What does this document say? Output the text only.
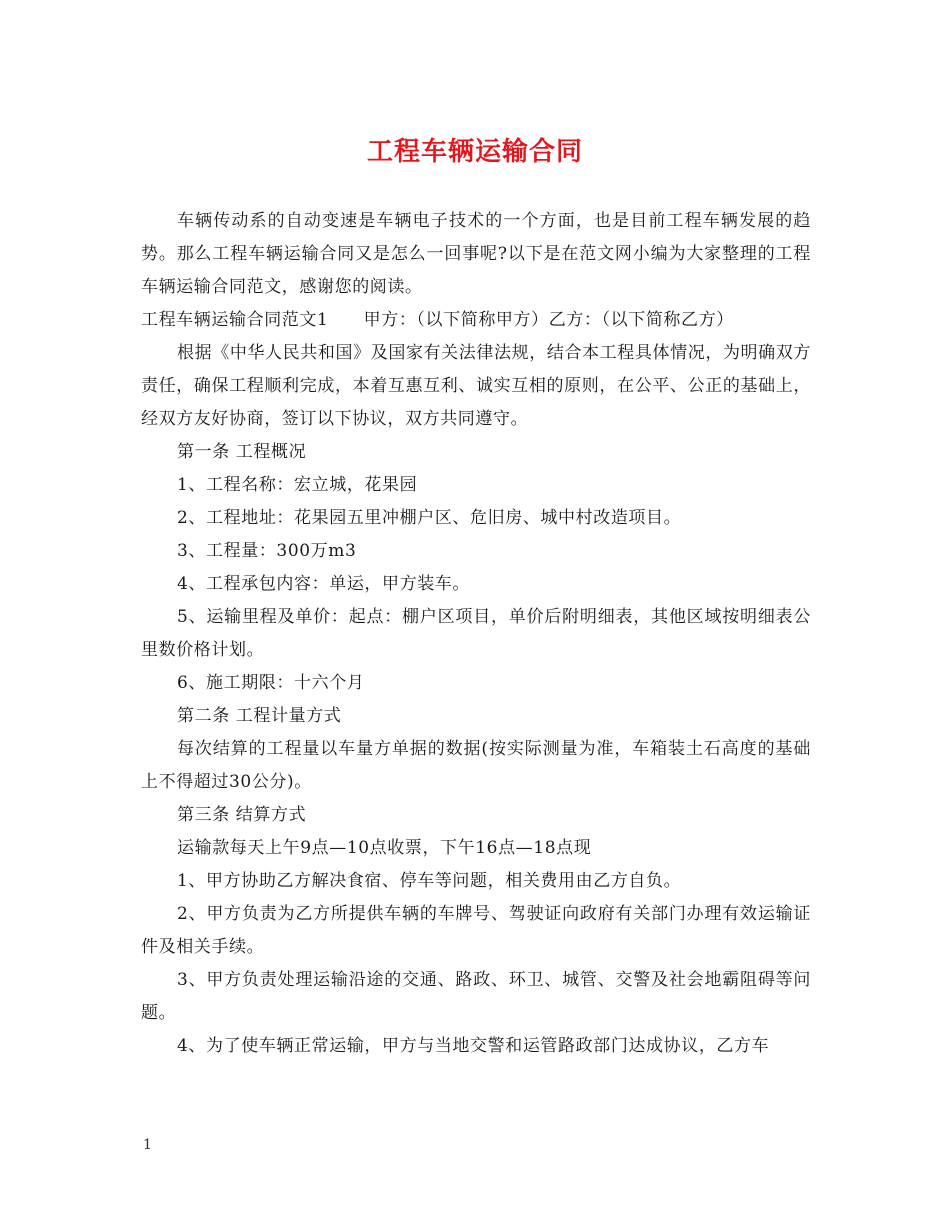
工程车辆运输合同

车辆传动系的自动变速是车辆电子技术的一个方面，也是目前工程车辆发展的趋势。那么工程车辆运输合同又是怎么一回事呢?以下是在范文网小编为大家整理的工程车辆运输合同范文，感谢您的阅读。

工程车辆运输合同范文1　　甲方：（以下简称甲方）乙方：（以下简称乙方）

根据《中华人民共和国》及国家有关法律法规，结合本工程具体情况，为明确双方责任，确保工程顺利完成，本着互惠互利、诚实互相的原则，在公平、公正的基础上，经双方友好协商，签订以下协议，双方共同遵守。

第一条 工程概况

1、工程名称：宏立城，花果园

2、工程地址：花果园五里冲棚户区、危旧房、城中村改造项目。

3、工程量：300万m3

4、工程承包内容：单运，甲方装车。

5、运输里程及单价：起点：棚户区项目，单价后附明细表，其他区域按明细表公里数价格计划。

6、施工期限：十六个月

第二条 工程计量方式

每次结算的工程量以车量方单据的数据(按实际测量为准，车箱装土石高度的基础上不得超过30公分)。

第三条 结算方式

运输款每天上午9点—10点收票，下午16点—18点现

1、甲方协助乙方解决食宿、停车等问题，相关费用由乙方自负。

2、甲方负责为乙方所提供车辆的车牌号、驾驶证向政府有关部门办理有效运输证件及相关手续。

3、甲方负责处理运输沿途的交通、路政、环卫、城管、交警及社会地霸阻碍等问题。

4、为了使车辆正常运输，甲方与当地交警和运管路政部门达成协议，乙方车

1
